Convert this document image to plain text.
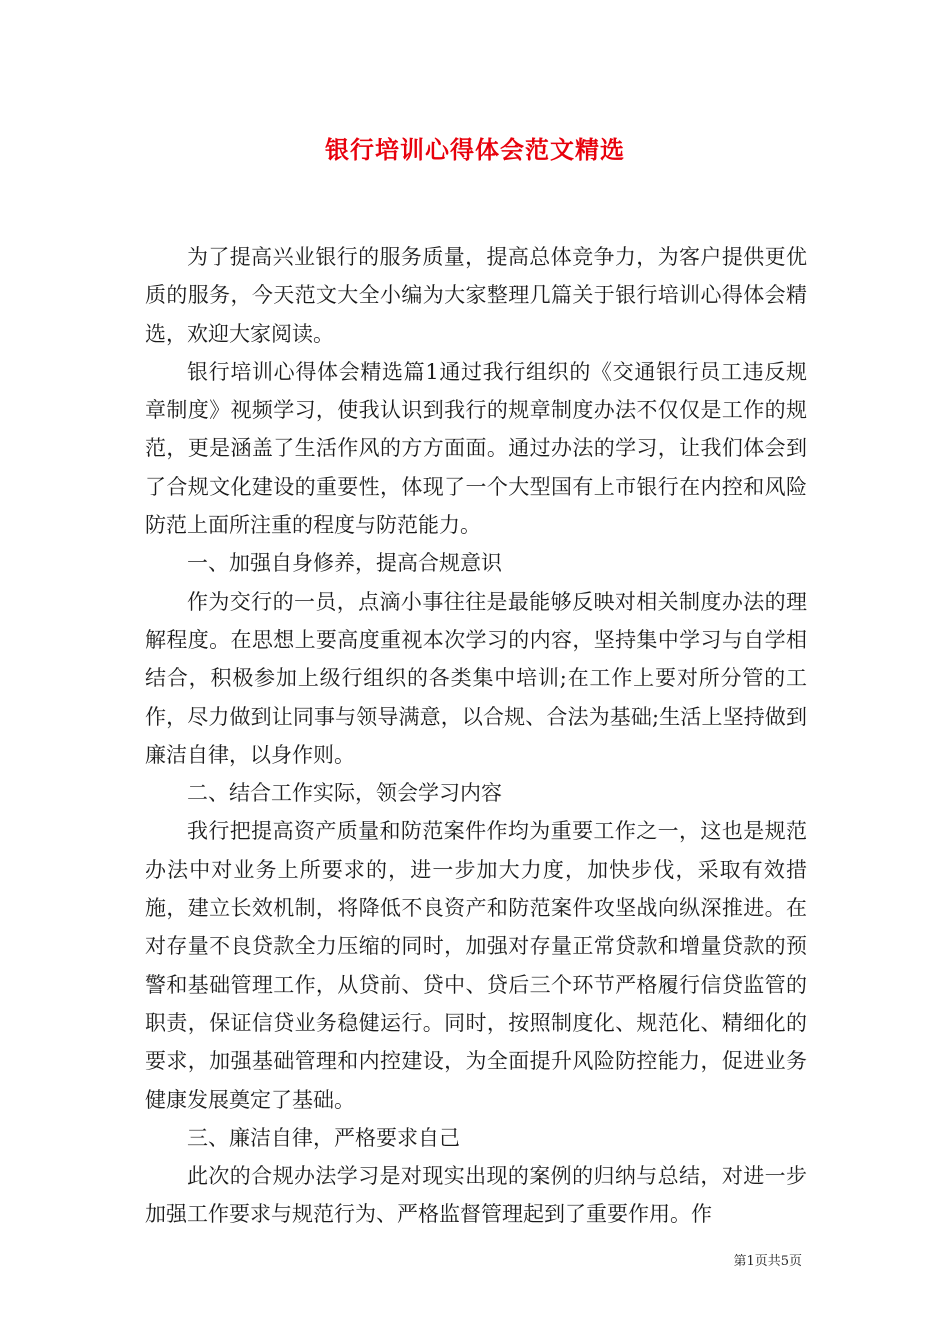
银行培训心得体会范文精选

为了提高兴业银行的服务质量，提高总体竞争力，为客户提供更优质的服务，今天范文大全小编为大家整理几篇关于银行培训心得体会精选，欢迎大家阅读。

银行培训心得体会精选篇1通过我行组织的《交通银行员工违反规章制度》视频学习，使我认识到我行的规章制度办法不仅仅是工作的规范，更是涵盖了生活作风的方方面面。通过办法的学习，让我们体会到了合规文化建设的重要性，体现了一个大型国有上市银行在内控和风险防范上面所注重的程度与防范能力。

一、加强自身修养，提高合规意识

作为交行的一员，点滴小事往往是最能够反映对相关制度办法的理解程度。在思想上要高度重视本次学习的内容，坚持集中学习与自学相结合，积极参加上级行组织的各类集中培训;在工作上要对所分管的工作，尽力做到让同事与领导满意，以合规、合法为基础;生活上坚持做到廉洁自律，以身作则。

二、结合工作实际，领会学习内容

我行把提高资产质量和防范案件作均为重要工作之一，这也是规范办法中对业务上所要求的，进一步加大力度，加快步伐，采取有效措施，建立长效机制，将降低不良资产和防范案件攻坚战向纵深推进。在对存量不良贷款全力压缩的同时，加强对存量正常贷款和增量贷款的预警和基础管理工作，从贷前、贷中、贷后三个环节严格履行信贷监管的职责，保证信贷业务稳健运行。同时，按照制度化、规范化、精细化的要求，加强基础管理和内控建设，为全面提升风险防控能力，促进业务健康发展奠定了基础。

三、廉洁自律，严格要求自己

此次的合规办法学习是对现实出现的案例的归纳与总结，对进一步加强工作要求与规范行为、严格监督管理起到了重要作用。作

第1页共5页
